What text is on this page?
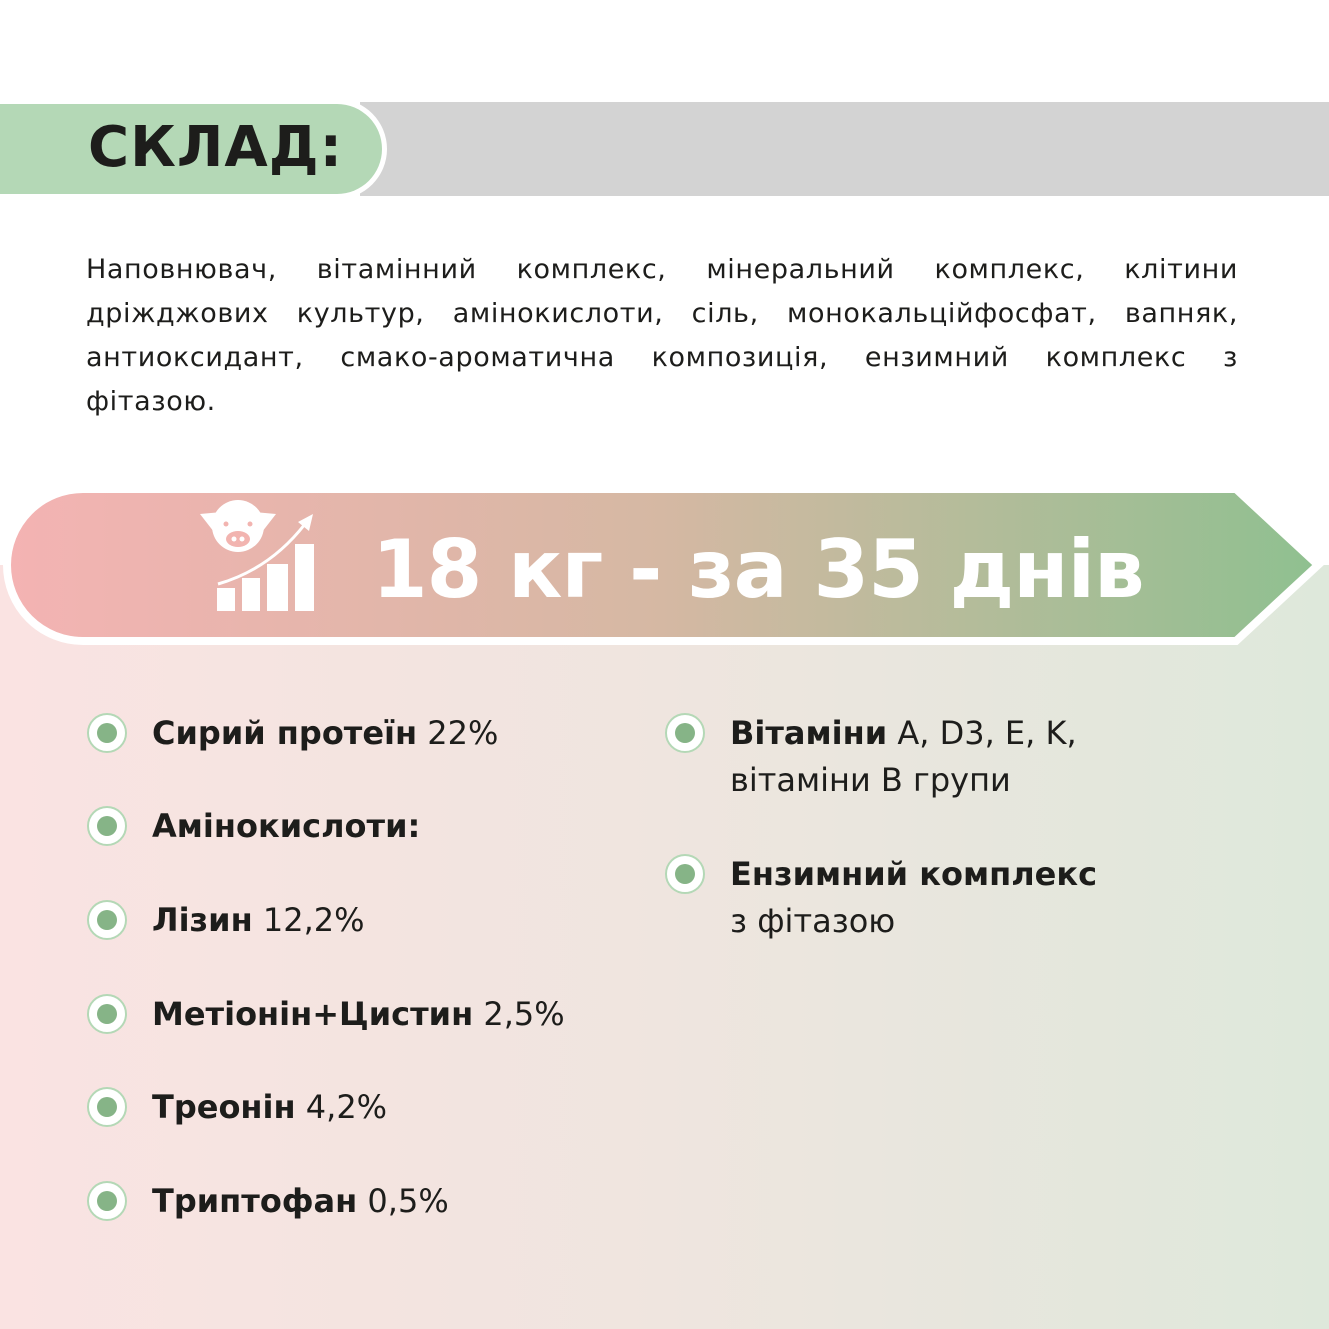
СКЛАД:

Наповнювач, вітамінний комплекс, мінеральний комплекс, клітини дріжджових культур, амінокислоти, сіль, монокальційфосфат, вапняк, антиоксидант, смако-ароматична композиція, ензимний комплекс з фітазою.

18 кг - за 35 днів
Сирий протеїн 22%
Амінокислоти:
Лізин 12,2%
Метіонін+Цистин 2,5%
Треонін 4,2%
Триптофан 0,5%
Вітаміни A, D3, E, K,
вітаміни В групи
Ензимний комплекс
з фітазою
